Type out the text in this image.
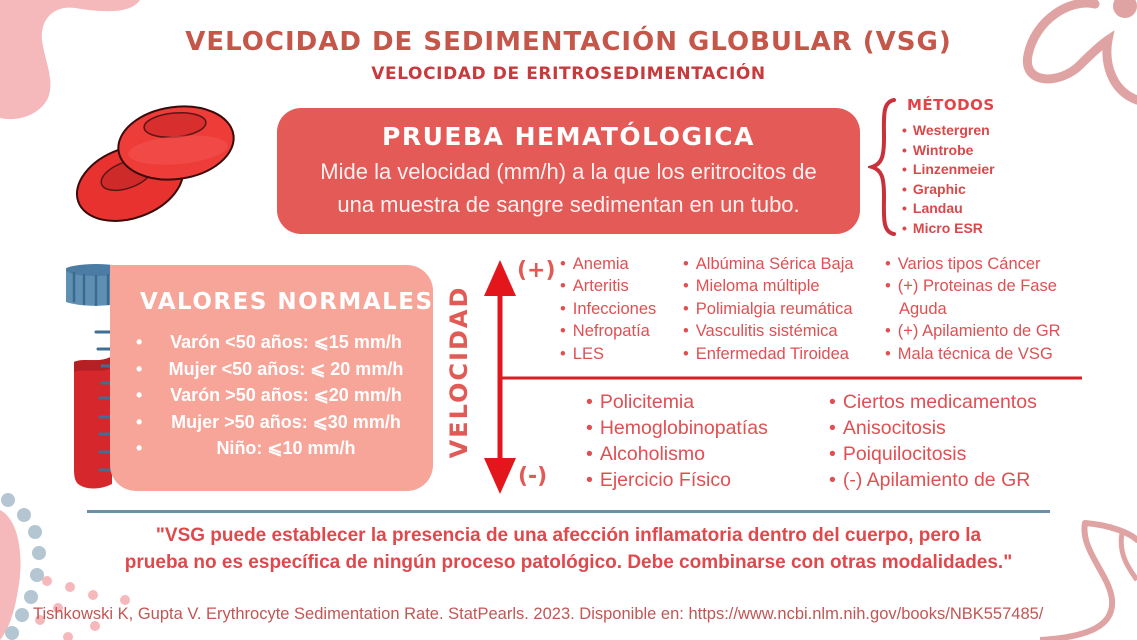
VELOCIDAD DE SEDIMENTACIÓN GLOBULAR (VSG)
VELOCIDAD DE ERITROSEDIMENTACIÓN
PRUEBA HEMATÓLOGICA
Mide la velocidad (mm/h) a la que los eritrocitos de
una muestra de sangre sedimentan en un tubo.
MÉTODOS
• Westergren
• Wintrobe
• Linzenmeier
• Graphic
• Landau
• Micro ESR
VALORES NORMALES
• Varón <50 años: ⩽15 mm/h
• Mujer <50 años: ⩽ 20 mm/h
• Varón >50 años: ⩽20 mm/h
• Mujer >50 años: ⩽30 mm/h
• Niño: ⩽10 mm/h	VELOCIDAD
(+)
(-)
• Anemia
• Arteritis
• Infecciones
• Nefropatía
• LES
• Albúmina Sérica Baja
• Mieloma múltiple
• Polimialgia reumática
• Vasculitis sistémica
• Enfermedad Tiroidea
• Varios tipos Cáncer
• (+) Proteinas de Fase
Aguda
• (+) Apilamiento de GR
• Mala técnica de VSG
• Policitemia
• Hemoglobinopatías
• Alcoholismo
• Ejercicio Físico
• Ciertos medicamentos
• Anisocitosis
• Poiquilocitosis
• (-) Apilamiento de GR
"VSG puede establecer la presencia de una afección inflamatoria dentro del cuerpo, pero la
prueba no es específica de ningún proceso patológico. Debe combinarse con otras modalidades."
Tishkowski K, Gupta V. Erythrocyte Sedimentation Rate. StatPearls. 2023. Disponible en: https://www.ncbi.nlm.nih.gov/books/NBK557485/
